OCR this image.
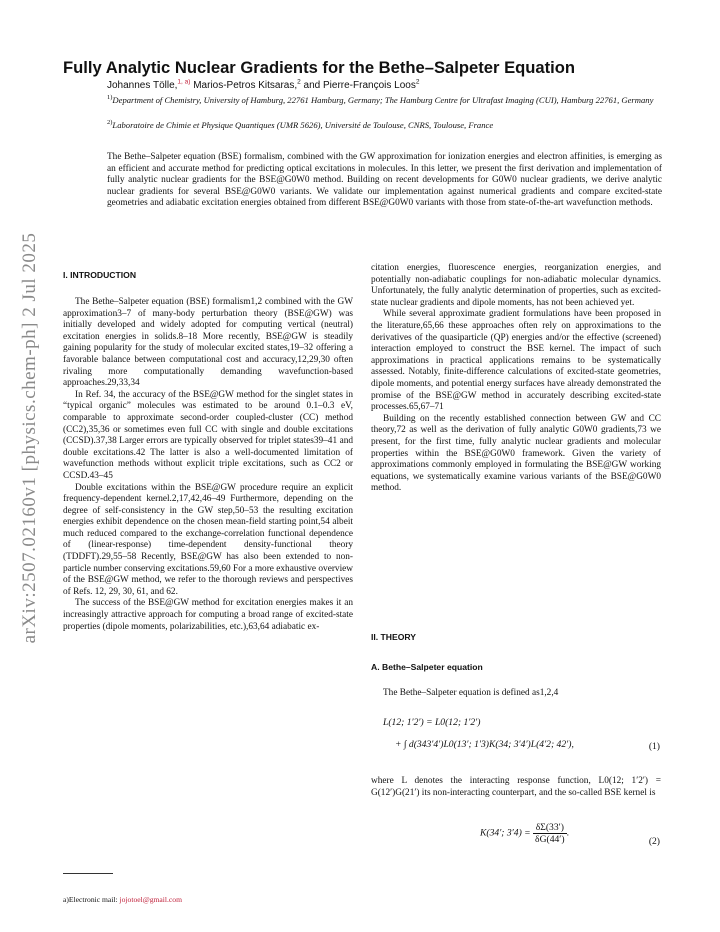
arXiv:2507.02160v1 [physics.chem-ph] 2 Jul 2025
Fully Analytic Nuclear Gradients for the Bethe–Salpeter Equation
Johannes Tölle,$^{1, a)}$ Marios-Petros Kitsaras,$^2$ and Pierre-François Loos$^2$
$^{1)}$Department of Chemistry, University of Hamburg, 22761 Hamburg, Germany; The Hamburg Centre for Ultrafast Imaging (CUI), Hamburg 22761, Germany
$^{2)}$Laboratoire de Chimie et Physique Quantiques (UMR 5626), Université de Toulouse, CNRS, Toulouse, France
The Bethe–Salpeter equation (BSE) formalism, combined with the GW approximation for ionization energies and electron affinities, is emerging as an efficient and accurate method for predicting optical excitations in molecules. In this letter, we present the first derivation and implementation of fully analytic nuclear gradients for the BSE@G0W0 method. Building on recent developments for G0W0 nuclear gradients, we derive analytic nuclear gradients for several BSE@G0W0 variants. We validate our implementation against numerical gradients and compare excited-state geometries and adiabatic excitation energies obtained from different BSE@G0W0 variants with those from state-of-the-art wavefunction methods.
I. INTRODUCTION

The Bethe–Salpeter equation (BSE) formalism1,2 combined with the GW approximation3–7 of many-body perturbation theory (BSE@GW) was initially developed and widely adopted for computing vertical (neutral) excitation energies in solids.8–18 More recently, BSE@GW is steadily gaining popularity for the study of molecular excited states,19–32 offering a favorable balance between computational cost and accuracy,12,29,30 often rivaling more computationally demanding wavefunction-based approaches.29,33,34

In Ref. 34, the accuracy of the BSE@GW method for the singlet states in “typical organic” molecules was estimated to be around 0.1–0.3 eV, comparable to approximate second-order coupled-cluster (CC) method (CC2),35,36 or sometimes even full CC with single and double excitations (CCSD).37,38 Larger errors are typically observed for triplet states39–41 and double excitations.42 The latter is also a well-documented limitation of wavefunction methods without explicit triple excitations, such as CC2 or CCSD.43–45

Double excitations within the BSE@GW procedure require an explicit frequency-dependent kernel.2,17,42,46–49 Furthermore, depending on the degree of self-consistency in the GW step,50–53 the resulting excitation energies exhibit dependence on the chosen mean-field starting point,54 albeit much reduced compared to the exchange-correlation functional dependence of (linear-response) time-dependent density-functional theory (TDDFT).29,55–58 Recently, BSE@GW has also been extended to non-particle number conserving excitations.59,60 For a more exhaustive overview of the BSE@GW method, we refer to the thorough reviews and perspectives of Refs. 12, 29, 30, 61, and 62.

The success of the BSE@GW method for excitation energies makes it an increasingly attractive approach for computing a broad range of excited-state properties (dipole moments, polarizabilities, etc.),63,64 adiabatic ex-

citation energies, fluorescence energies, reorganization energies, and potentially non-adiabatic couplings for non-adiabatic molecular dynamics. Unfortunately, the fully analytic determination of properties, such as excited-state nuclear gradients and dipole moments, has not been achieved yet.

While several approximate gradient formulations have been proposed in the literature,65,66 these approaches often rely on approximations to the derivatives of the quasiparticle (QP) energies and/or the effective (screened) interaction employed to construct the BSE kernel. The impact of such approximations in practical applications remains to be systematically assessed. Notably, finite-difference calculations of excited-state geometries, dipole moments, and potential energy surfaces have already demonstrated the promise of the BSE@GW method in accurately describing excited-state processes.65,67–71

Building on the recently established connection between GW and CC theory,72 as well as the derivation of fully analytic G0W0 gradients,73 we present, for the first time, fully analytic nuclear gradients and molecular properties within the BSE@G0W0 framework. Given the variety of approximations commonly employed in formulating the BSE@GW working equations, we systematically examine various variants of the BSE@G0W0 method.

II. THEORY
A. Bethe–Salpeter equation
The Bethe–Salpeter equation is defined as1,2,4
L(12; 1′2′) = L0(12; 1′2′)
+ ∫ d(343′4′)L0(13′; 1′3)K(34; 3′4′)L(4′2; 42′),	(1)
where L denotes the interacting response function, L0(12; 1′2′) = G(12′)G(21′) its non-interacting counterpart, and the so-called BSE kernel is
K(34′; $3'4) = \frac{\delta\Sigma(33')}{\delta G(44')}$ .
(2)
a)Electronic mail: jojotoel@gmail.com
